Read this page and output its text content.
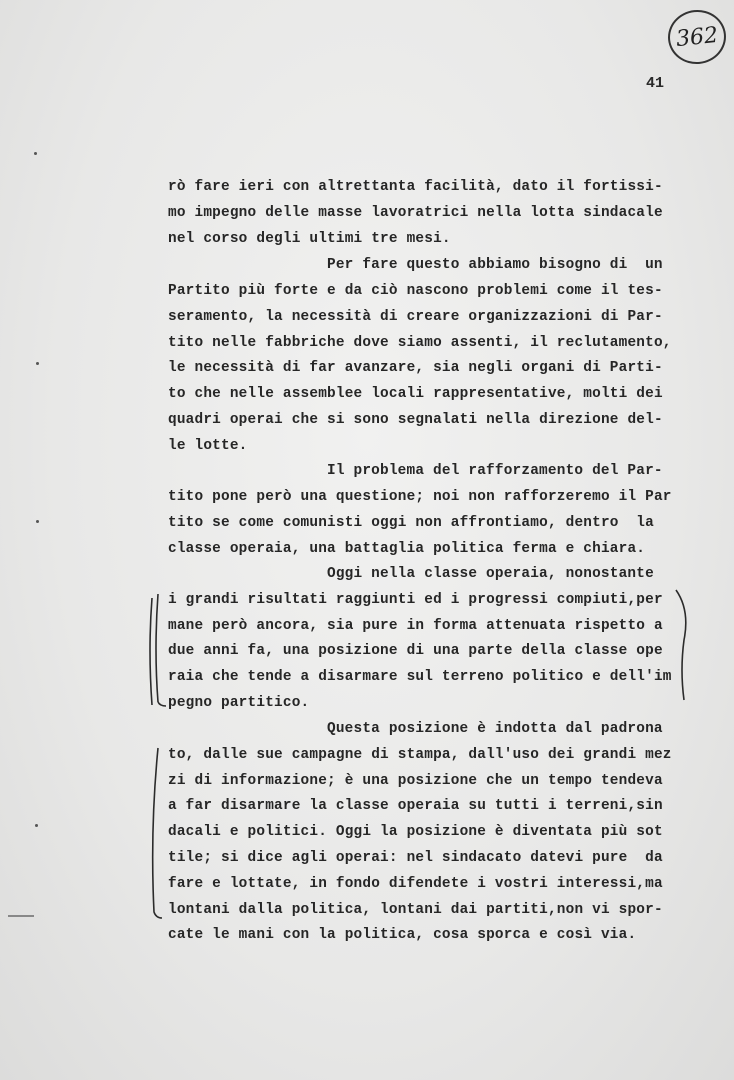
362
41
rò fare ieri con altrettanta facilità, dato il fortissi-
mo impegno delle masse lavoratrici nella lotta sindacale
nel corso degli ultimi tre mesi.
Per fare questo abbiamo bisogno di  un
Partito più forte e da ciò nascono problemi come il tes-
seramento, la necessità di creare organizzazioni di Par-
tito nelle fabbriche dove siamo assenti, il reclutamento,
le necessità di far avanzare, sia negli organi di Parti-
to che nelle assemblee locali rappresentative, molti dei
quadri operai che si sono segnalati nella direzione del-
le lotte.
Il problema del rafforzamento del Par-
tito pone però una questione; noi non rafforzeremo il Par
tito se come comunisti oggi non affrontiamo, dentro  la
classe operaia, una battaglia politica ferma e chiara.
Oggi nella classe operaia, nonostante
i grandi risultati raggiunti ed i progressi compiuti,per
mane però ancora, sia pure in forma attenuata rispetto a
due anni fa, una posizione di una parte della classe ope
raia che tende a disarmare sul terreno politico e dell'im
pegno partitico.
Questa posizione è indotta dal padrona
to, dalle sue campagne di stampa, dall'uso dei grandi mez
zi di informazione; è una posizione che un tempo tendeva
a far disarmare la classe operaia su tutti i terreni,sin
dacali e politici. Oggi la posizione è diventata più sot
tile; si dice agli operai: nel sindacato datevi pure  da
fare e lottate, in fondo difendete i vostri interessi,ma
lontani dalla politica, lontani dai partiti,non vi spor-
cate le mani con la politica, cosa sporca e così via.
